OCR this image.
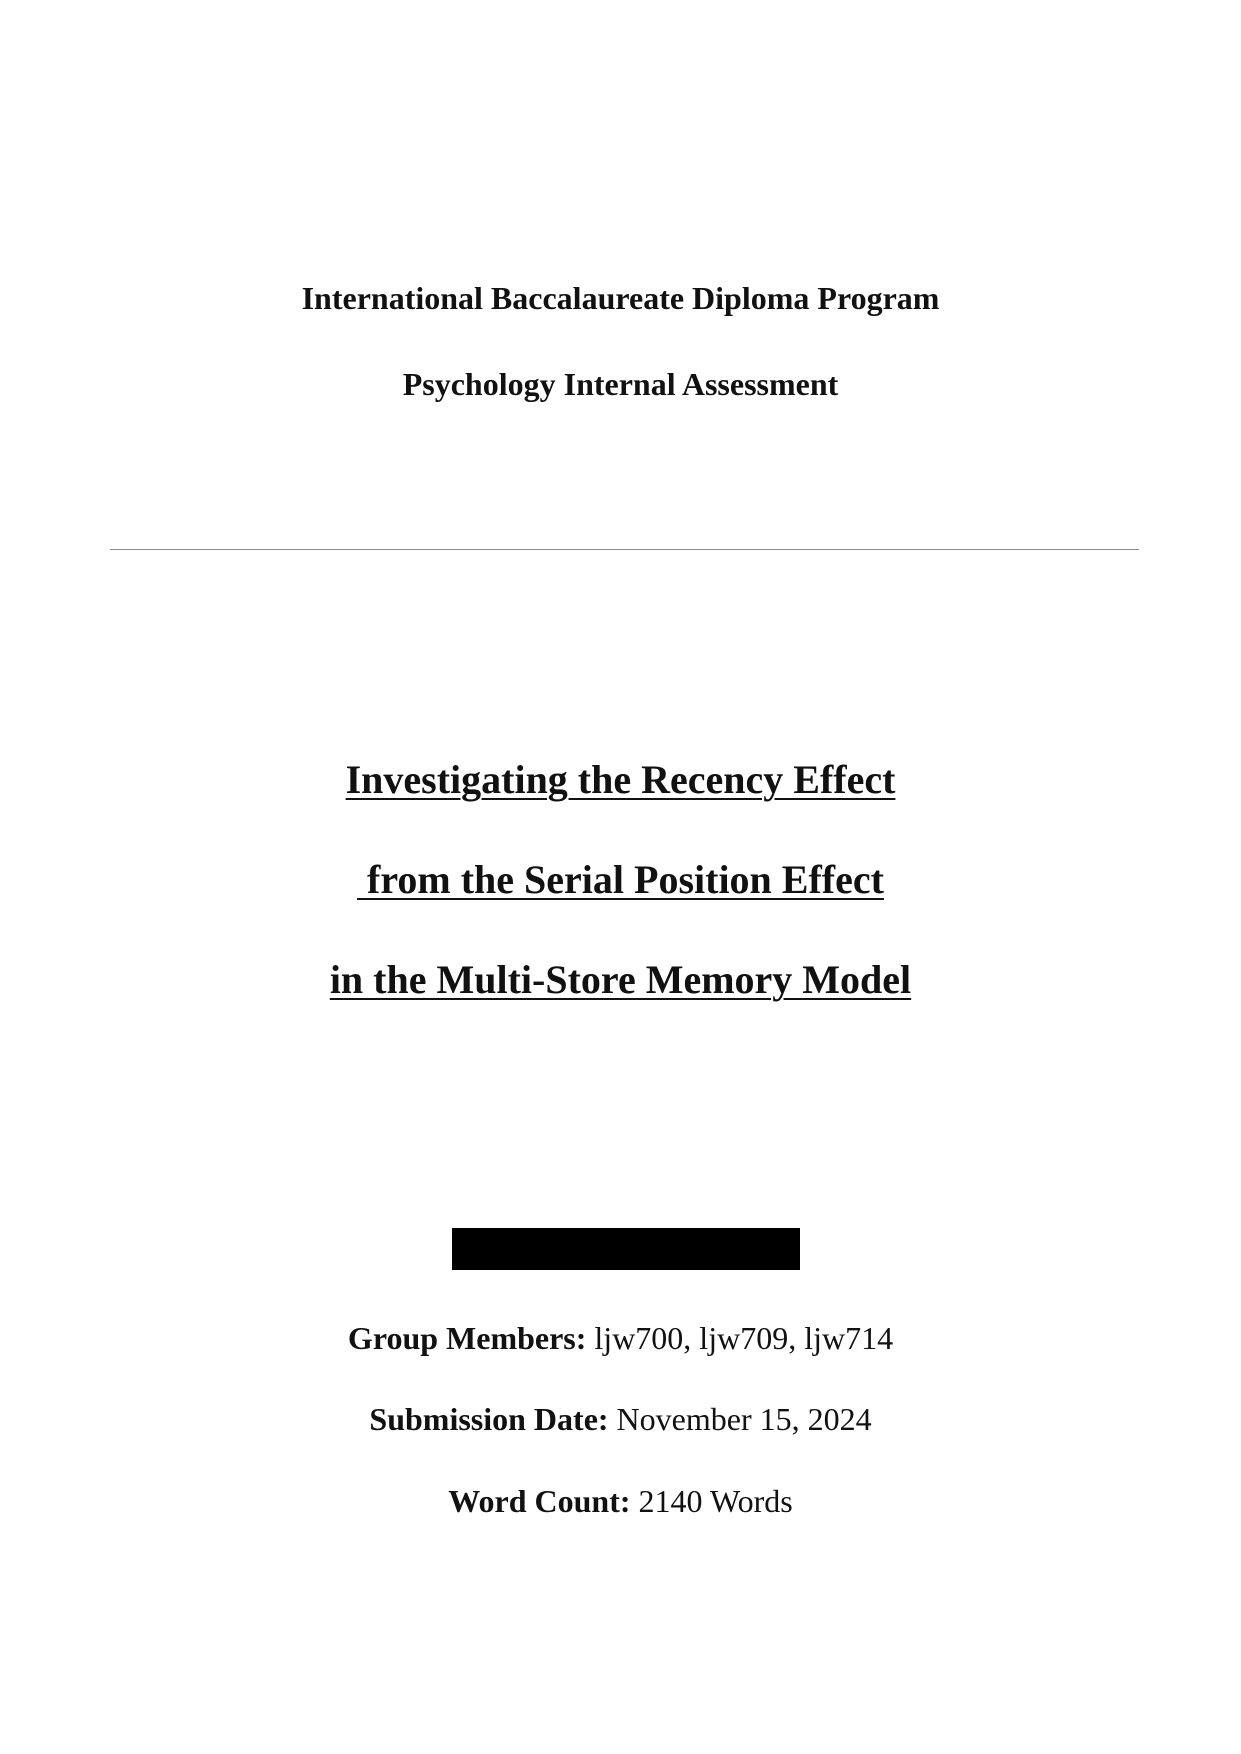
International Baccalaureate Diploma Program
Psychology Internal Assessment
Investigating the Recency Effect
from the Serial Position Effect
in the Multi-Store Memory Model
Group Members: ljw700, ljw709, ljw714
Submission Date: November 15, 2024
Word Count: 2140 Words
